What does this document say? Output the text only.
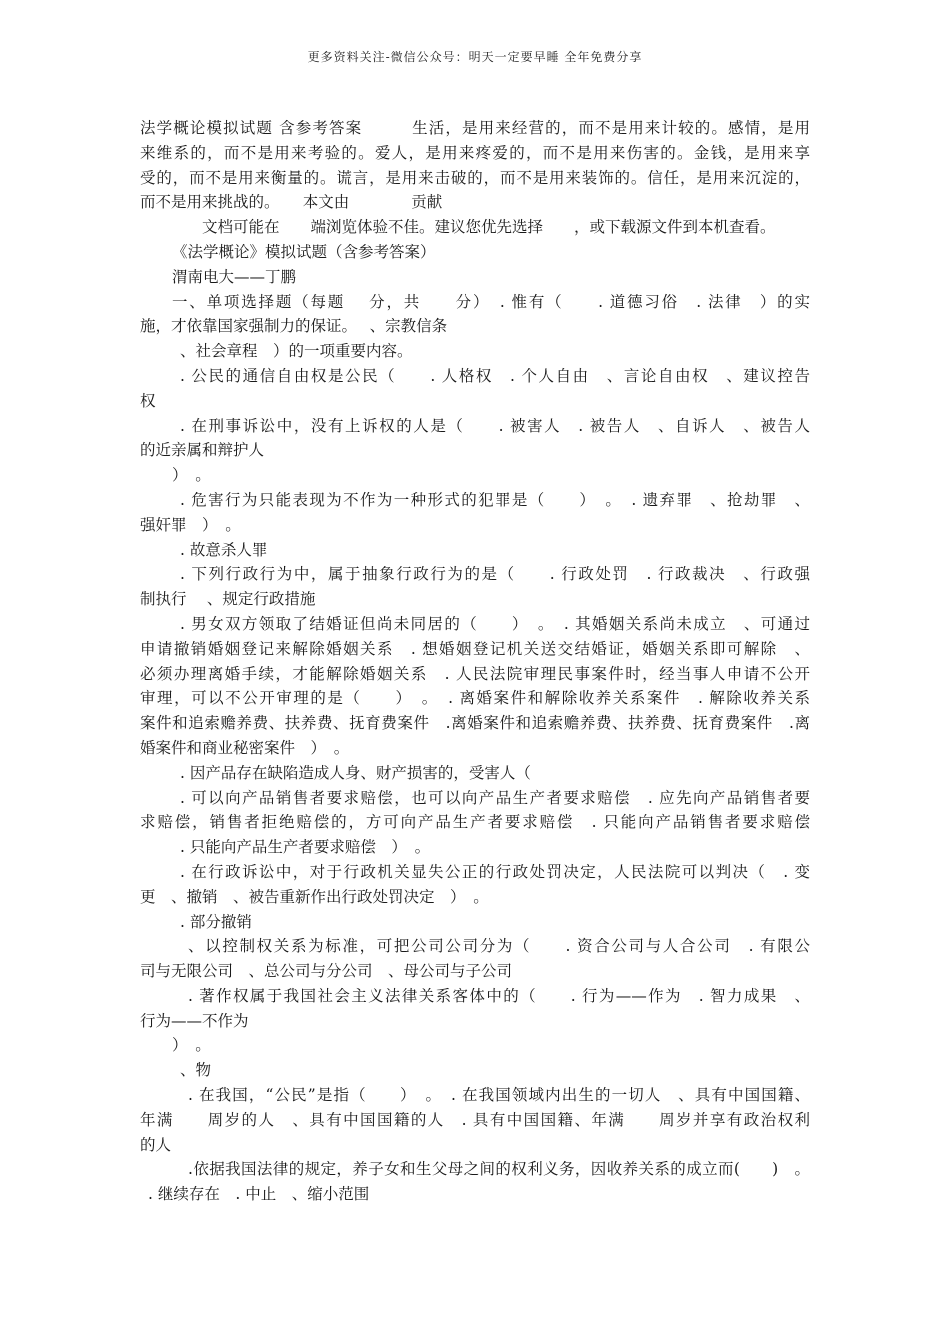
更多资料关注-微信公众号：明天一定要早睡 全年免费分享
法学概论模拟试题 含参考答案　　　生活，是用来经营的，而不是用来计较的。感情，是用
来维系的，而不是用来考验的。爱人，是用来疼爱的，而不是用来伤害的。金钱，是用来享
受的，而不是用来衡量的。谎言，是用来击破的，而不是用来装饰的。信任，是用来沉淀的，
而不是用来挑战的。　　本文由　　　　贡献
文档可能在　　端浏览体验不佳。建议您优先选择　　，或下载源文件到本机查看。
《法学概论》模拟试题（含参考答案）
渭南电大——丁鹏
一、单项选择题（每题　 分，共　　分）　. 惟有（　　. 道德习俗　. 法律　）的实
施，才依靠国家强制力的保证。　 、宗教信条
、社会章程　）的一项重要内容。
. 公民的通信自由权是公民（　　. 人格权　. 个人自由　、言论自由权　、建议控告
权
. 在刑事诉讼中，没有上诉权的人是（　　. 被害人　. 被告人　、自诉人　、被告人
的近亲属和辩护人
）　。
. 危害行为只能表现为不作为一种形式的犯罪是（　　）　。　. 遗弃罪　、抢劫罪　、
强奸罪　）　。
. 故意杀人罪
. 下列行政行为中，属于抽象行政行为的是（　　. 行政处罚　. 行政裁决　、行政强
制执行　 、规定行政措施
. 男女双方领取了结婚证但尚未同居的（　　）　。　. 其婚姻关系尚未成立　、可通过
申请撤销婚姻登记来解除婚姻关系　. 想婚姻登记机关送交结婚证，婚姻关系即可解除　、
必须办理离婚手续，才能解除婚姻关系　. 人民法院审理民事案件时，经当事人申请不公开
审理，可以不公开审理的是（　　）　。　. 离婚案件和解除收养关系案件　. 解除收养关系
案件和追索赡养费、扶养费、抚育费案件　.离婚案件和追索赡养费、扶养费、抚育费案件　.离
婚案件和商业秘密案件　）　。
. 因产品存在缺陷造成人身、财产损害的，受害人（
. 可以向产品销售者要求赔偿，也可以向产品生产者要求赔偿　. 应先向产品销售者要
求赔偿，销售者拒绝赔偿的，方可向产品生产者要求赔偿　. 只能向产品销售者要求赔偿
. 只能向产品生产者要求赔偿　）　。
. 在行政诉讼中，对于行政机关显失公正的行政处罚决定，人民法院可以判决（　. 变
更　、撤销　、被告重新作出行政处罚决定　）　。
. 部分撤销
、以控制权关系为标准，可把公司公司分为（　　. 资合公司与人合公司　. 有限公
司与无限公司　、总公司与分公司　、母公司与子公司
. 著作权属于我国社会主义法律关系客体中的（　　. 行为——作为　. 智力成果　、
行为——不作为
）　。
、物
. 在我国，“公民”是指（　　）　。　. 在我国领域内出生的一切人　、具有中国国籍、
年满　　周岁的人　、具有中国国籍的人　. 具有中国国籍、年满　　周岁并享有政治权利
的人
.依据我国法律的规定，养子女和生父母之间的权利义务，因收养关系的成立而(　　)　。
. 继续存在　. 中止　、缩小范围
